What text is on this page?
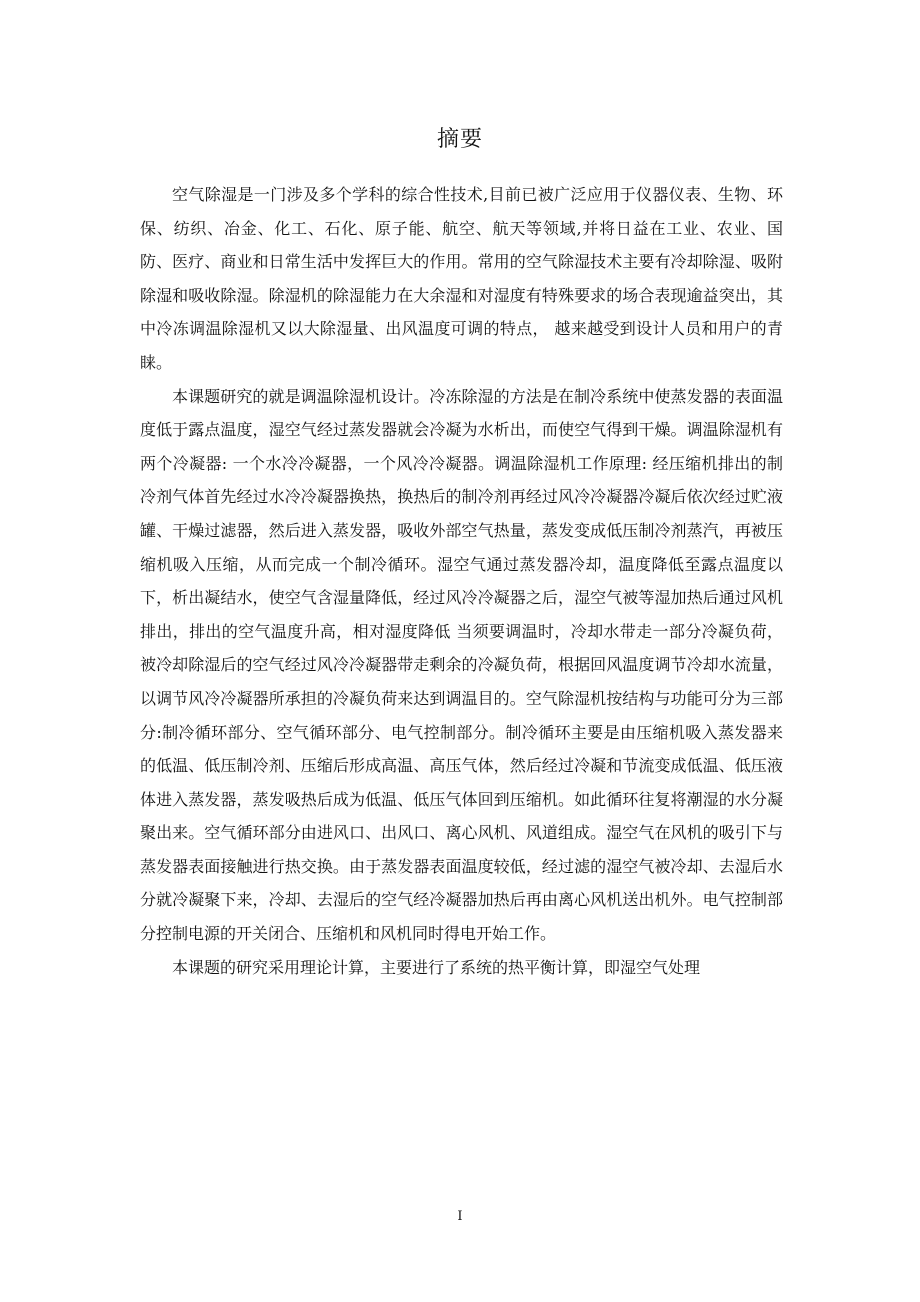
摘要

空气除湿是一门涉及多个学科的综合性技术,目前已被广泛应用于仪器仪表、生物、环保、纺织、冶金、化工、石化、原子能、航空、航天等领域,并将日益在工业、农业、国防、医疗、商业和日常生活中发挥巨大的作用。常用的空气除湿技术主要有冷却除湿、吸附除湿和吸收除湿。除湿机的除湿能力在大余湿和对湿度有特殊要求的场合表现逾益突出，其中冷冻调温除湿机又以大除湿量、出风温度可调的特点， 越来越受到设计人员和用户的青睐。

本课题研究的就是调温除湿机设计。冷冻除湿的方法是在制冷系统中使蒸发器的表面温度低于露点温度，湿空气经过蒸发器就会冷凝为水析出，而使空气得到干燥。调温除湿机有两个冷凝器: 一个水冷冷凝器，一个风冷冷凝器。调温除湿机工作原理: 经压缩机排出的制冷剂气体首先经过水冷冷凝器换热，换热后的制冷剂再经过风冷冷凝器冷凝后依次经过贮液罐、干燥过滤器，然后进入蒸发器，吸收外部空气热量，蒸发变成低压制冷剂蒸汽，再被压缩机吸入压缩，从而完成一个制冷循环。湿空气通过蒸发器冷却，温度降低至露点温度以下，析出凝结水，使空气含湿量降低，经过风冷冷凝器之后，湿空气被等湿加热后通过风机排出，排出的空气温度升高，相对湿度降低 当须要调温时，冷却水带走一部分冷凝负荷，被冷却除湿后的空气经过风冷冷凝器带走剩余的冷凝负荷，根据回风温度调节冷却水流量，以调节风冷冷凝器所承担的冷凝负荷来达到调温目的。空气除湿机按结构与功能可分为三部分:制冷循环部分、空气循环部分、电气控制部分。制冷循环主要是由压缩机吸入蒸发器来的低温、低压制冷剂、压缩后形成高温、高压气体，然后经过冷凝和节流变成低温、低压液体进入蒸发器，蒸发吸热后成为低温、低压气体回到压缩机。如此循环往复将潮湿的水分凝聚出来。空气循环部分由进风口、出风口、离心风机、风道组成。湿空气在风机的吸引下与蒸发器表面接触进行热交换。由于蒸发器表面温度较低，经过滤的湿空气被冷却、去湿后水分就冷凝聚下来，冷却、去湿后的空气经冷凝器加热后再由离心风机送出机外。电气控制部分控制电源的开关闭合、压缩机和风机同时得电开始工作。

本课题的研究采用理论计算，主要进行了系统的热平衡计算，即湿空气处理

I
